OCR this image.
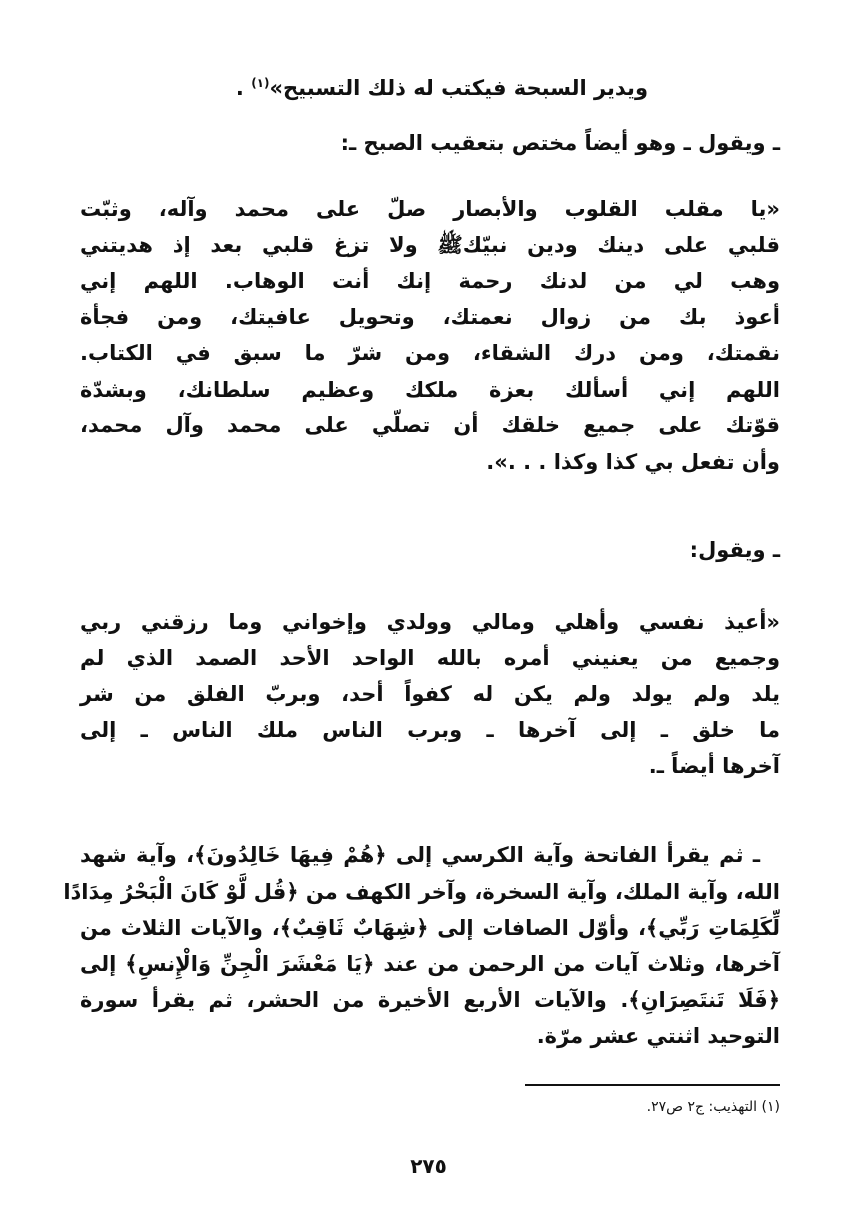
ويدير السبحة فيكتب له ذلك التسبيح»$^{(١)}$ .
ـ ويقول ـ وهو أيضاً مختص بتعقيب الصبح ـ:
«يا مقلب القلوب والأبصار صلّ على محمد وآله، وثبّت
قلبي على دينك ودين نبيّكﷺ ولا تزغ قلبي بعد إذ هديتني
وهب لي من لدنك رحمة إنك أنت الوهاب. اللهم إني
أعوذ بك من زوال نعمتك، وتحويل عافيتك، ومن فجأة
نقمتك، ومن درك الشقاء، ومن شرّ ما سبق في الكتاب.
اللهم إني أسألك بعزة ملكك وعظيم سلطانك، وبشدّة
قوّتك على جميع خلقك أن تصلّي على محمد وآل محمد،
وأن تفعل بي كذا وكذا . . .».
ـ ويقول:
«أعيذ نفسي وأهلي ومالي وولدي وإخواني وما رزقني ربي
وجميع من يعنيني أمره بالله الواحد الأحد الصمد الذي لم
يلد ولم يولد ولم يكن له كفواً أحد، وبربّ الفلق من شر
ما خلق ـ إلى آخرها ـ وبرب الناس ملك الناس ـ إلى
آخرها أيضاً ـ.
ـ ثم يقرأ الفاتحة وآية الكرسي إلى ﴿هُمْ فِيهَا خَالِدُونَ﴾، وآية شهد
الله، وآية الملك، وآية السخرة، وآخر الكهف من ﴿قُل لَّوْ كَانَ الْبَحْرُ مِدَادًا
لِّكَلِمَاتِ رَبِّي﴾، وأوّل الصافات إلى ﴿شِهَابٌ ثَاقِبٌ﴾، والآيات الثلاث من
آخرها، وثلاث آيات من الرحمن من عند ﴿يَا مَعْشَرَ الْجِنِّ وَالْإِنسِ﴾ إلى
﴿فَلَا تَنتَصِرَانِ﴾. والآيات الأربع الأخيرة من الحشر، ثم يقرأ سورة
التوحيد اثنتي عشر مرّة.
(١) التهذيب: ج٢ ص٢٧.
٢٧٥
